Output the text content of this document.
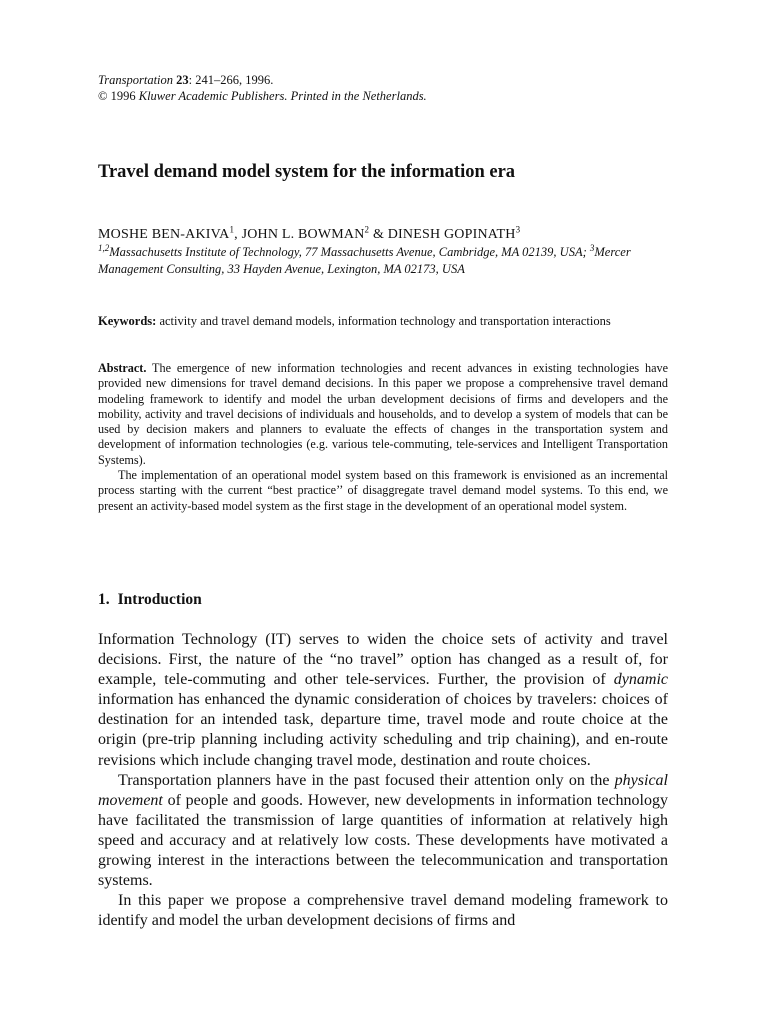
Transportation 23: 241–266, 1996.
© 1996 Kluwer Academic Publishers. Printed in the Netherlands.
Travel demand model system for the information era
MOSHE BEN-AKIVA$^1$, JOHN L. BOWMAN$^2$ & DINESH GOPINATH$^3$
$^{1,2}$Massachusetts Institute of Technology, 77 Massachusetts Avenue, Cambridge, MA 02139, USA; $^3$Mercer Management Consulting, 33 Hayden Avenue, Lexington, MA 02173, USA
Keywords: activity and travel demand models, information technology and transportation interactions

Abstract. The emergence of new information technologies and recent advances in existing technologies have provided new dimensions for travel demand decisions. In this paper we propose a comprehensive travel demand modeling framework to identify and model the urban development decisions of firms and developers and the mobility, activity and travel decisions of individuals and households, and to develop a system of models that can be used by decision makers and planners to evaluate the effects of changes in the transportation system and development of information technologies (e.g. various tele-commuting, tele-services and Intelligent Transportation Systems).

The implementation of an operational model system based on this framework is envisioned as an incremental process starting with the current “best practice’’ of disaggregate travel demand model systems. To this end, we present an activity-based model system as the first stage in the development of an operational model system.

1. Introduction

Information Technology (IT) serves to widen the choice sets of activity and travel decisions. First, the nature of the “no travel” option has changed as a result of, for example, tele-commuting and other tele-services. Further, the provision of dynamic information has enhanced the dynamic consideration of choices by travelers: choices of destination for an intended task, departure time, travel mode and route choice at the origin (pre-trip planning including activity scheduling and trip chaining), and en-route revisions which include changing travel mode, destination and route choices.

Transportation planners have in the past focused their attention only on the physical movement of people and goods. However, new developments in information technology have facilitated the transmission of large quantities of information at relatively high speed and accuracy and at relatively low costs. These developments have motivated a growing interest in the interactions between the telecommunication and transportation systems.

In this paper we propose a comprehensive travel demand modeling framework to identify and model the urban development decisions of firms and
